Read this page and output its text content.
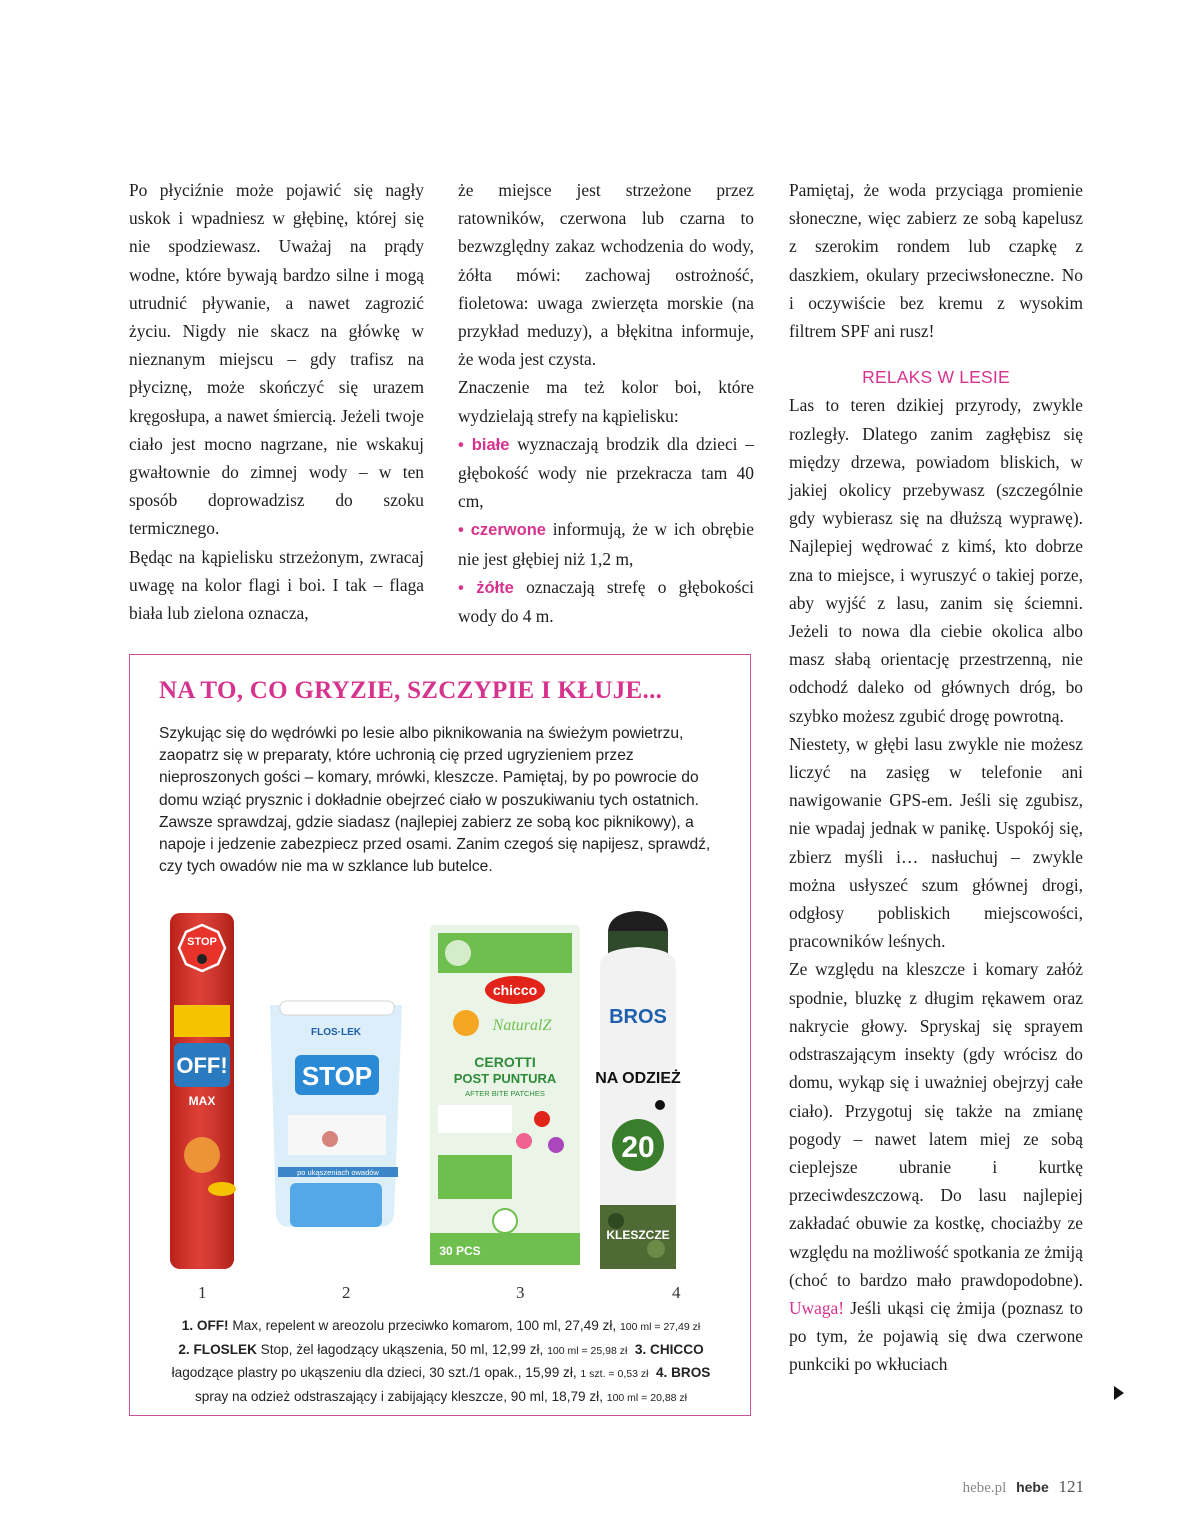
Po płyciźnie może pojawić się nagły uskok i wpadniesz w głębinę, której się nie spodziewasz. Uważaj na prądy wodne, które bywają bardzo silne i mogą utrudnić pływanie, a nawet zagrozić życiu. Nigdy nie skacz na główkę w nieznanym miejscu – gdy trafisz na płyciznę, może skończyć się urazem kręgosłupa, a nawet śmiercią. Jeżeli twoje ciało jest mocno nagrzane, nie wskakuj gwałtownie do zimnej wody – w ten sposób doprowadzisz do szoku termicznego.

Będąc na kąpielisku strzeżonym, zwracaj uwagę na kolor flagi i boi. I tak – flaga biała lub zielona oznacza,

że miejsce jest strzeżone przez ratowników, czerwona lub czarna to bezwzględny zakaz wchodzenia do wody, żółta mówi: zachowaj ostrożność, fioletowa: uwaga zwierzęta morskie (na przykład meduzy), a błękitna informuje, że woda jest czysta.

Znaczenie ma też kolor boi, które wydzielają strefy na kąpielisku:

• białe wyznaczają brodzik dla dzieci – głębokość wody nie przekracza tam 40 cm,

• czerwone informują, że w ich obrębie nie jest głębiej niż 1,2 m,

• żółte oznaczają strefę o głębokości wody do 4 m.

Pamiętaj, że woda przyciąga promienie słoneczne, więc zabierz ze sobą kapelusz z szerokim rondem lub czapkę z daszkiem, okulary przeciwsłoneczne. No i oczywiście bez kremu z wysokim filtrem SPF ani rusz!

RELAKS W LESIE

Las to teren dzikiej przyrody, zwykle rozległy. Dlatego zanim zagłębisz się między drzewa, powiadom bliskich, w jakiej okolicy przebywasz (szczególnie gdy wybierasz się na dłuższą wyprawę). Najlepiej wędrować z kimś, kto dobrze zna to miejsce, i wyruszyć o takiej porze, aby wyjść z lasu, zanim się ściemni. Jeżeli to nowa dla ciebie okolica albo masz słabą orientację przestrzenną, nie odchodź daleko od głównych dróg, bo szybko możesz zgubić drogę powrotną.

Niestety, w głębi lasu zwykle nie możesz liczyć na zasięg w telefonie ani nawigowanie GPS-em. Jeśli się zgubisz, nie wpadaj jednak w panikę. Uspokój się, zbierz myśli i… nasłuchuj – zwykle można usłyszeć szum głównej drogi, odgłosy pobliskich miejscowości, pracowników leśnych.

Ze względu na kleszcze i komary załóż spodnie, bluzkę z długim rękawem oraz nakrycie głowy. Spryskaj się sprayem odstraszającym insekty (gdy wrócisz do domu, wykąp się i uważniej obejrzyj całe ciało). Przygotuj się także na zmianę pogody – nawet latem miej ze sobą cieplejsze ubranie i kurtkę przeciwdeszczową. Do lasu najlepiej zakładać obuwie za kostkę, chociażby ze względu na możliwość spotkania ze żmiją (choć to bardzo mało prawdopodobne). Uwaga! Jeśli ukąsi cię żmija (poznasz to po tym, że pojawią się dwa czerwone punkciki po wkłuciach

NA TO, CO GRYZIE, SZCZYPIE I KŁUJE...

Szykując się do wędrówki po lesie albo piknikowania na świeżym powietrzu, zaopatrz się w preparaty, które uchronią cię przed ugryzieniem przez nieproszonych gości – komary, mrówki, kleszcze. Pamiętaj, by po powrocie do domu wziąć prysznic i dokładnie obejrzeć ciało w poszukiwaniu tych ostatnich. Zawsze sprawdzaj, gdzie siadasz (najlepiej zabierz ze sobą koc piknikowy), a napoje i jedzenie zabezpiecz przed osami. Zanim czegoś się napijesz, sprawdź, czy tych owadów nie ma w szklance lub butelce.

STOP
OFF!
MAX
FLOS·LEK
STOP
po ukąszeniach owadów
chicco
NaturalZ
CEROTTI
POST PUNTURA
AFTER BITE PATCHES
30 PCS
BROS
NA ODZIEŻ
20
KLESZCZE
1	2	3	4

1. OFF! Max, repelent w areozolu przeciwko komarom, 100 ml, 27,49 zł, 100 ml = 27,49 zł
2. FLOSLEK Stop, żel łagodzący ukąszenia, 50 ml, 12,99 zł, 100 ml = 25,98 zł 3. CHICCO
łagodzące plastry po ukąszeniu dla dzieci, 30 szt./1 opak., 15,99 zł, 1 szt. = 0,53 zł 4. BROS
spray na odzież odstraszający i zabijający kleszcze, 90 ml, 18,79 zł, 100 ml = 20,88 zł

hebe.pl hebe 121
